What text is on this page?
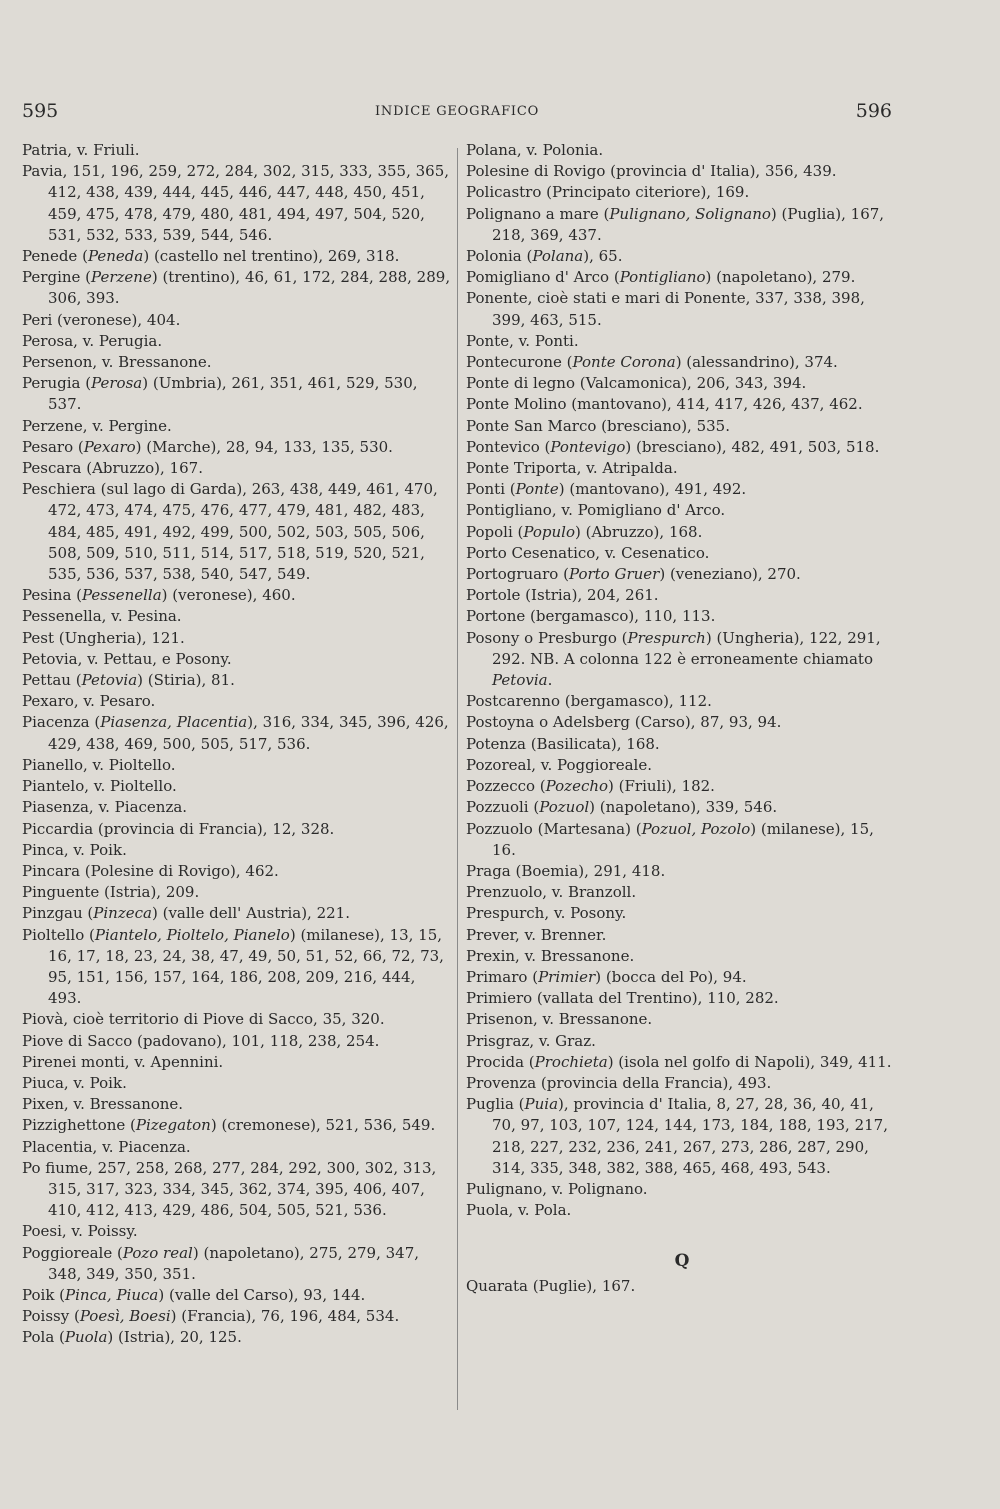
595	INDICE GEOGRAFICO	596
Patria, v. Friuli.
Pavia, 151, 196, 259, 272, 284, 302, 315, 333, 355, 365, 412, 438, 439, 444, 445, 446, 447, 448, 450, 451, 459, 475, 478, 479, 480, 481, 494, 497, 504, 520, 531, 532, 533, 539, 544, 546.
Penede (Peneda) (castello nel trentino), 269, 318.
Pergine (Perzene) (trentino), 46, 61, 172, 284, 288, 289, 306, 393.
Peri (veronese), 404.
Perosa, v. Perugia.
Persenon, v. Bressanone.
Perugia (Perosa) (Umbria), 261, 351, 461, 529, 530, 537.
Perzene, v. Pergine.
Pesaro (Pexaro) (Marche), 28, 94, 133, 135, 530.
Pescara (Abruzzo), 167.
Peschiera (sul lago di Garda), 263, 438, 449, 461, 470, 472, 473, 474, 475, 476, 477, 479, 481, 482, 483, 484, 485, 491, 492, 499, 500, 502, 503, 505, 506, 508, 509, 510, 511, 514, 517, 518, 519, 520, 521, 535, 536, 537, 538, 540, 547, 549.
Pesina (Pessenella) (veronese), 460.
Pessenella, v. Pesina.
Pest (Ungheria), 121.
Petovia, v. Pettau, e Posony.
Pettau (Petovia) (Stiria), 81.
Pexaro, v. Pesaro.
Piacenza (Piasenza, Placentia), 316, 334, 345, 396, 426, 429, 438, 469, 500, 505, 517, 536.
Pianello, v. Pioltello.
Piantelo, v. Pioltello.
Piasenza, v. Piacenza.
Piccardia (provincia di Francia), 12, 328.
Pinca, v. Poik.
Pincara (Polesine di Rovigo), 462.
Pinguente (Istria), 209.
Pinzgau (Pinzeca) (valle dell' Austria), 221.
Pioltello (Piantelo, Pioltelo, Pianelo) (milanese), 13, 15, 16, 17, 18, 23, 24, 38, 47, 49, 50, 51, 52, 66, 72, 73, 95, 151, 156, 157, 164, 186, 208, 209, 216, 444, 493.
Piovà, cioè territorio di Piove di Sacco, 35, 320.
Piove di Sacco (padovano), 101, 118, 238, 254.
Pirenei monti, v. Apennini.
Piuca, v. Poik.
Pixen, v. Bressanone.
Pizzighettone (Pizegaton) (cremonese), 521, 536, 549.
Placentia, v. Piacenza.
Po fiume, 257, 258, 268, 277, 284, 292, 300, 302, 313, 315, 317, 323, 334, 345, 362, 374, 395, 406, 407, 410, 412, 413, 429, 486, 504, 505, 521, 536.
Poesi, v. Poissy.
Poggioreale (Pozo real) (napoletano), 275, 279, 347, 348, 349, 350, 351.
Poik (Pinca, Piuca) (valle del Carso), 93, 144.
Poissy (Poesì, Boesi) (Francia), 76, 196, 484, 534.
Pola (Puola) (Istria), 20, 125.
Polana, v. Polonia.
Polesine di Rovigo (provincia d' Italia), 356, 439.
Policastro (Principato citeriore), 169.
Polignano a mare (Pulignano, Solignano) (Puglia), 167, 218, 369, 437.
Polonia (Polana), 65.
Pomigliano d' Arco (Pontigliano) (napoletano), 279.
Ponente, cioè stati e mari di Ponente, 337, 338, 398, 399, 463, 515.
Ponte, v. Ponti.
Pontecurone (Ponte Corona) (alessandrino), 374.
Ponte di legno (Valcamonica), 206, 343, 394.
Ponte Molino (mantovano), 414, 417, 426, 437, 462.
Ponte San Marco (bresciano), 535.
Pontevico (Pontevigo) (bresciano), 482, 491, 503, 518.
Ponte Triporta, v. Atripalda.
Ponti (Ponte) (mantovano), 491, 492.
Pontigliano, v. Pomigliano d' Arco.
Popoli (Populo) (Abruzzo), 168.
Porto Cesenatico, v. Cesenatico.
Portogruaro (Porto Gruer) (veneziano), 270.
Portole (Istria), 204, 261.
Portone (bergamasco), 110, 113.
Posony o Presburgo (Prespurch) (Ungheria), 122, 291, 292. NB. A colonna 122 è erroneamente chiamato Petovia.
Postcarenno (bergamasco), 112.
Postoyna o Adelsberg (Carso), 87, 93, 94.
Potenza (Basilicata), 168.
Pozoreal, v. Poggioreale.
Pozzecco (Pozecho) (Friuli), 182.
Pozzuoli (Pozuol) (napoletano), 339, 546.
Pozzuolo (Martesana) (Pozuol, Pozolo) (milanese), 15, 16.
Praga (Boemia), 291, 418.
Prenzuolo, v. Branzoll.
Prespurch, v. Posony.
Prever, v. Brenner.
Prexin, v. Bressanone.
Primaro (Primier) (bocca del Po), 94.
Primiero (vallata del Trentino), 110, 282.
Prisenon, v. Bressanone.
Prisgraz, v. Graz.
Procida (Prochieta) (isola nel golfo di Napoli), 349, 411.
Provenza (provincia della Francia), 493.
Puglia (Puia), provincia d' Italia, 8, 27, 28, 36, 40, 41, 70, 97, 103, 107, 124, 144, 173, 184, 188, 193, 217, 218, 227, 232, 236, 241, 267, 273, 286, 287, 290, 314, 335, 348, 382, 388, 465, 468, 493, 543.
Pulignano, v. Polignano.
Puola, v. Pola.
Q
Quarata (Puglie), 167.
